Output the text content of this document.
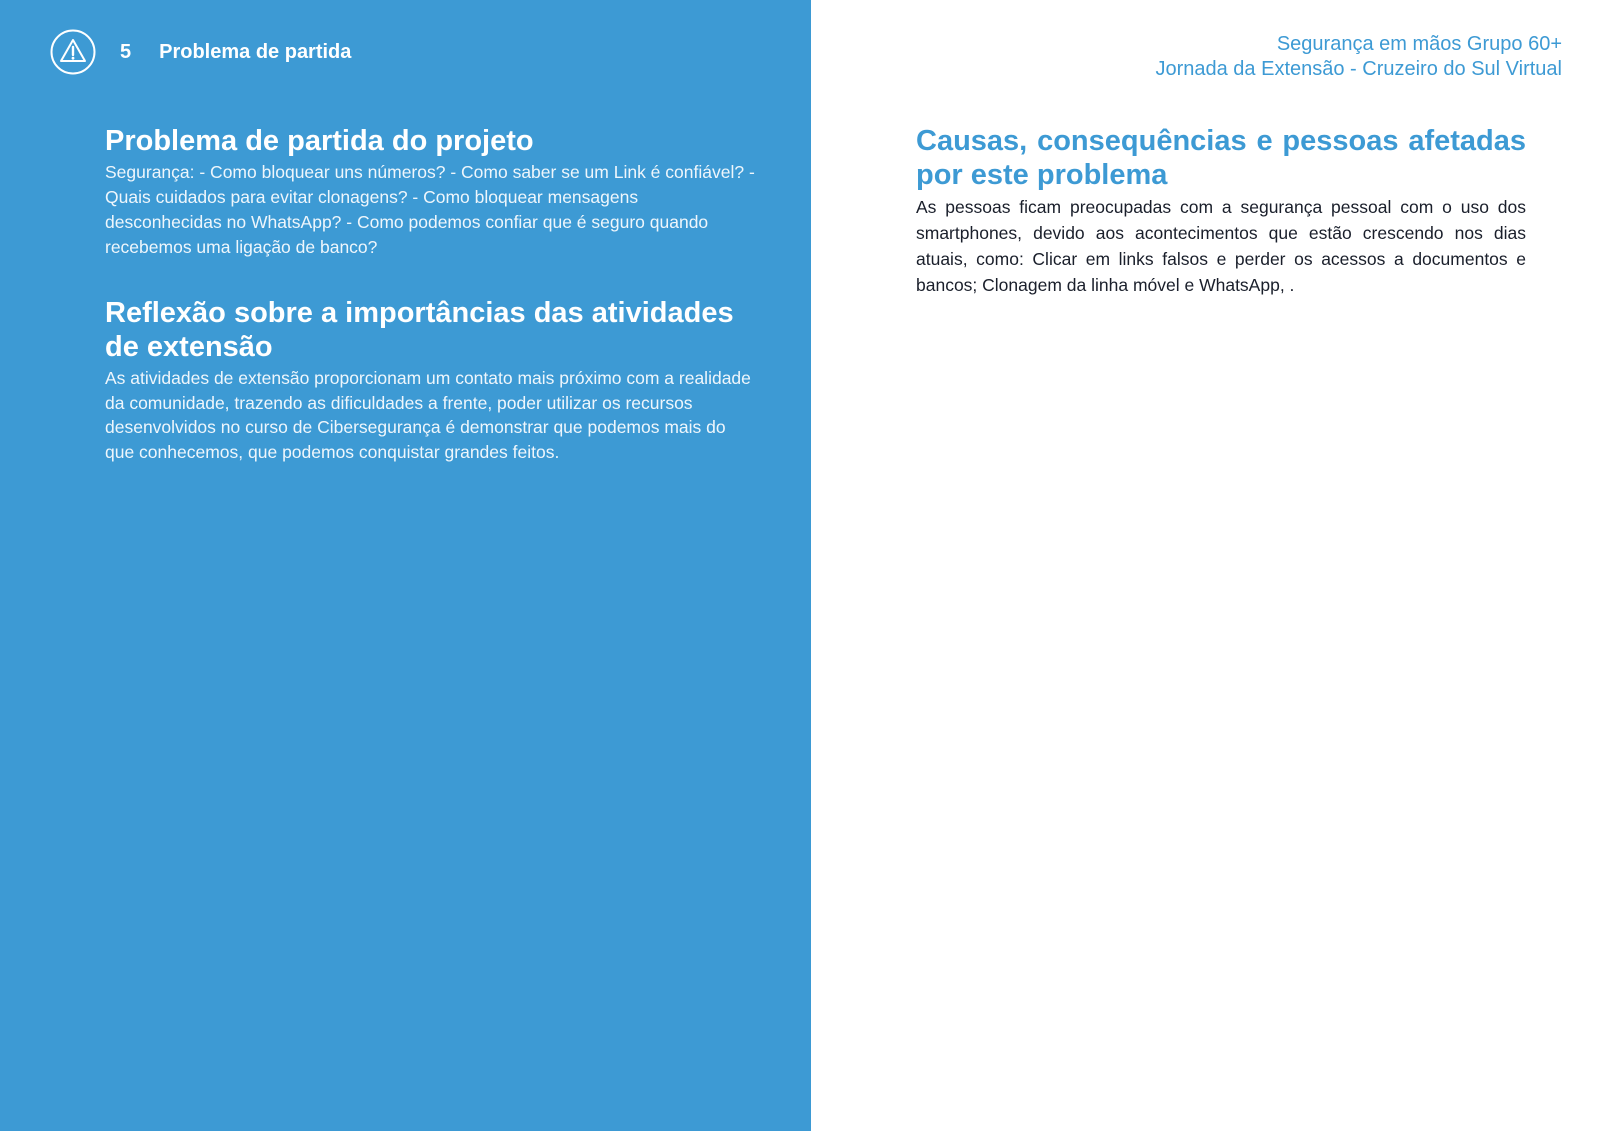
5 Problema de partida
Problema de partida do projeto

Segurança: - Como bloquear uns números? - Como saber se um Link é confiável? - Quais cuidados para evitar clonagens? - Como bloquear mensagens desconhecidas no WhatsApp? - Como podemos confiar que é seguro quando recebemos uma ligação de banco?

Reflexão sobre a importâncias das atividades de extensão

As atividades de extensão proporcionam um contato mais próximo com a realidade da comunidade, trazendo as dificuldades a frente, poder utilizar os recursos desenvolvidos no curso de Cibersegurança é demonstrar que podemos mais do que conhecemos, que podemos conquistar grandes feitos.

Segurança em mãos Grupo 60+
Jornada da Extensão - Cruzeiro do Sul Virtual
Causas, consequências e pessoas afetadas por este problema

As pessoas ficam preocupadas com a segurança pessoal com o uso dos smartphones, devido aos acontecimentos que estão crescendo nos dias atuais, como: Clicar em links falsos e perder os acessos a documentos e bancos; Clonagem da linha móvel e WhatsApp, .
